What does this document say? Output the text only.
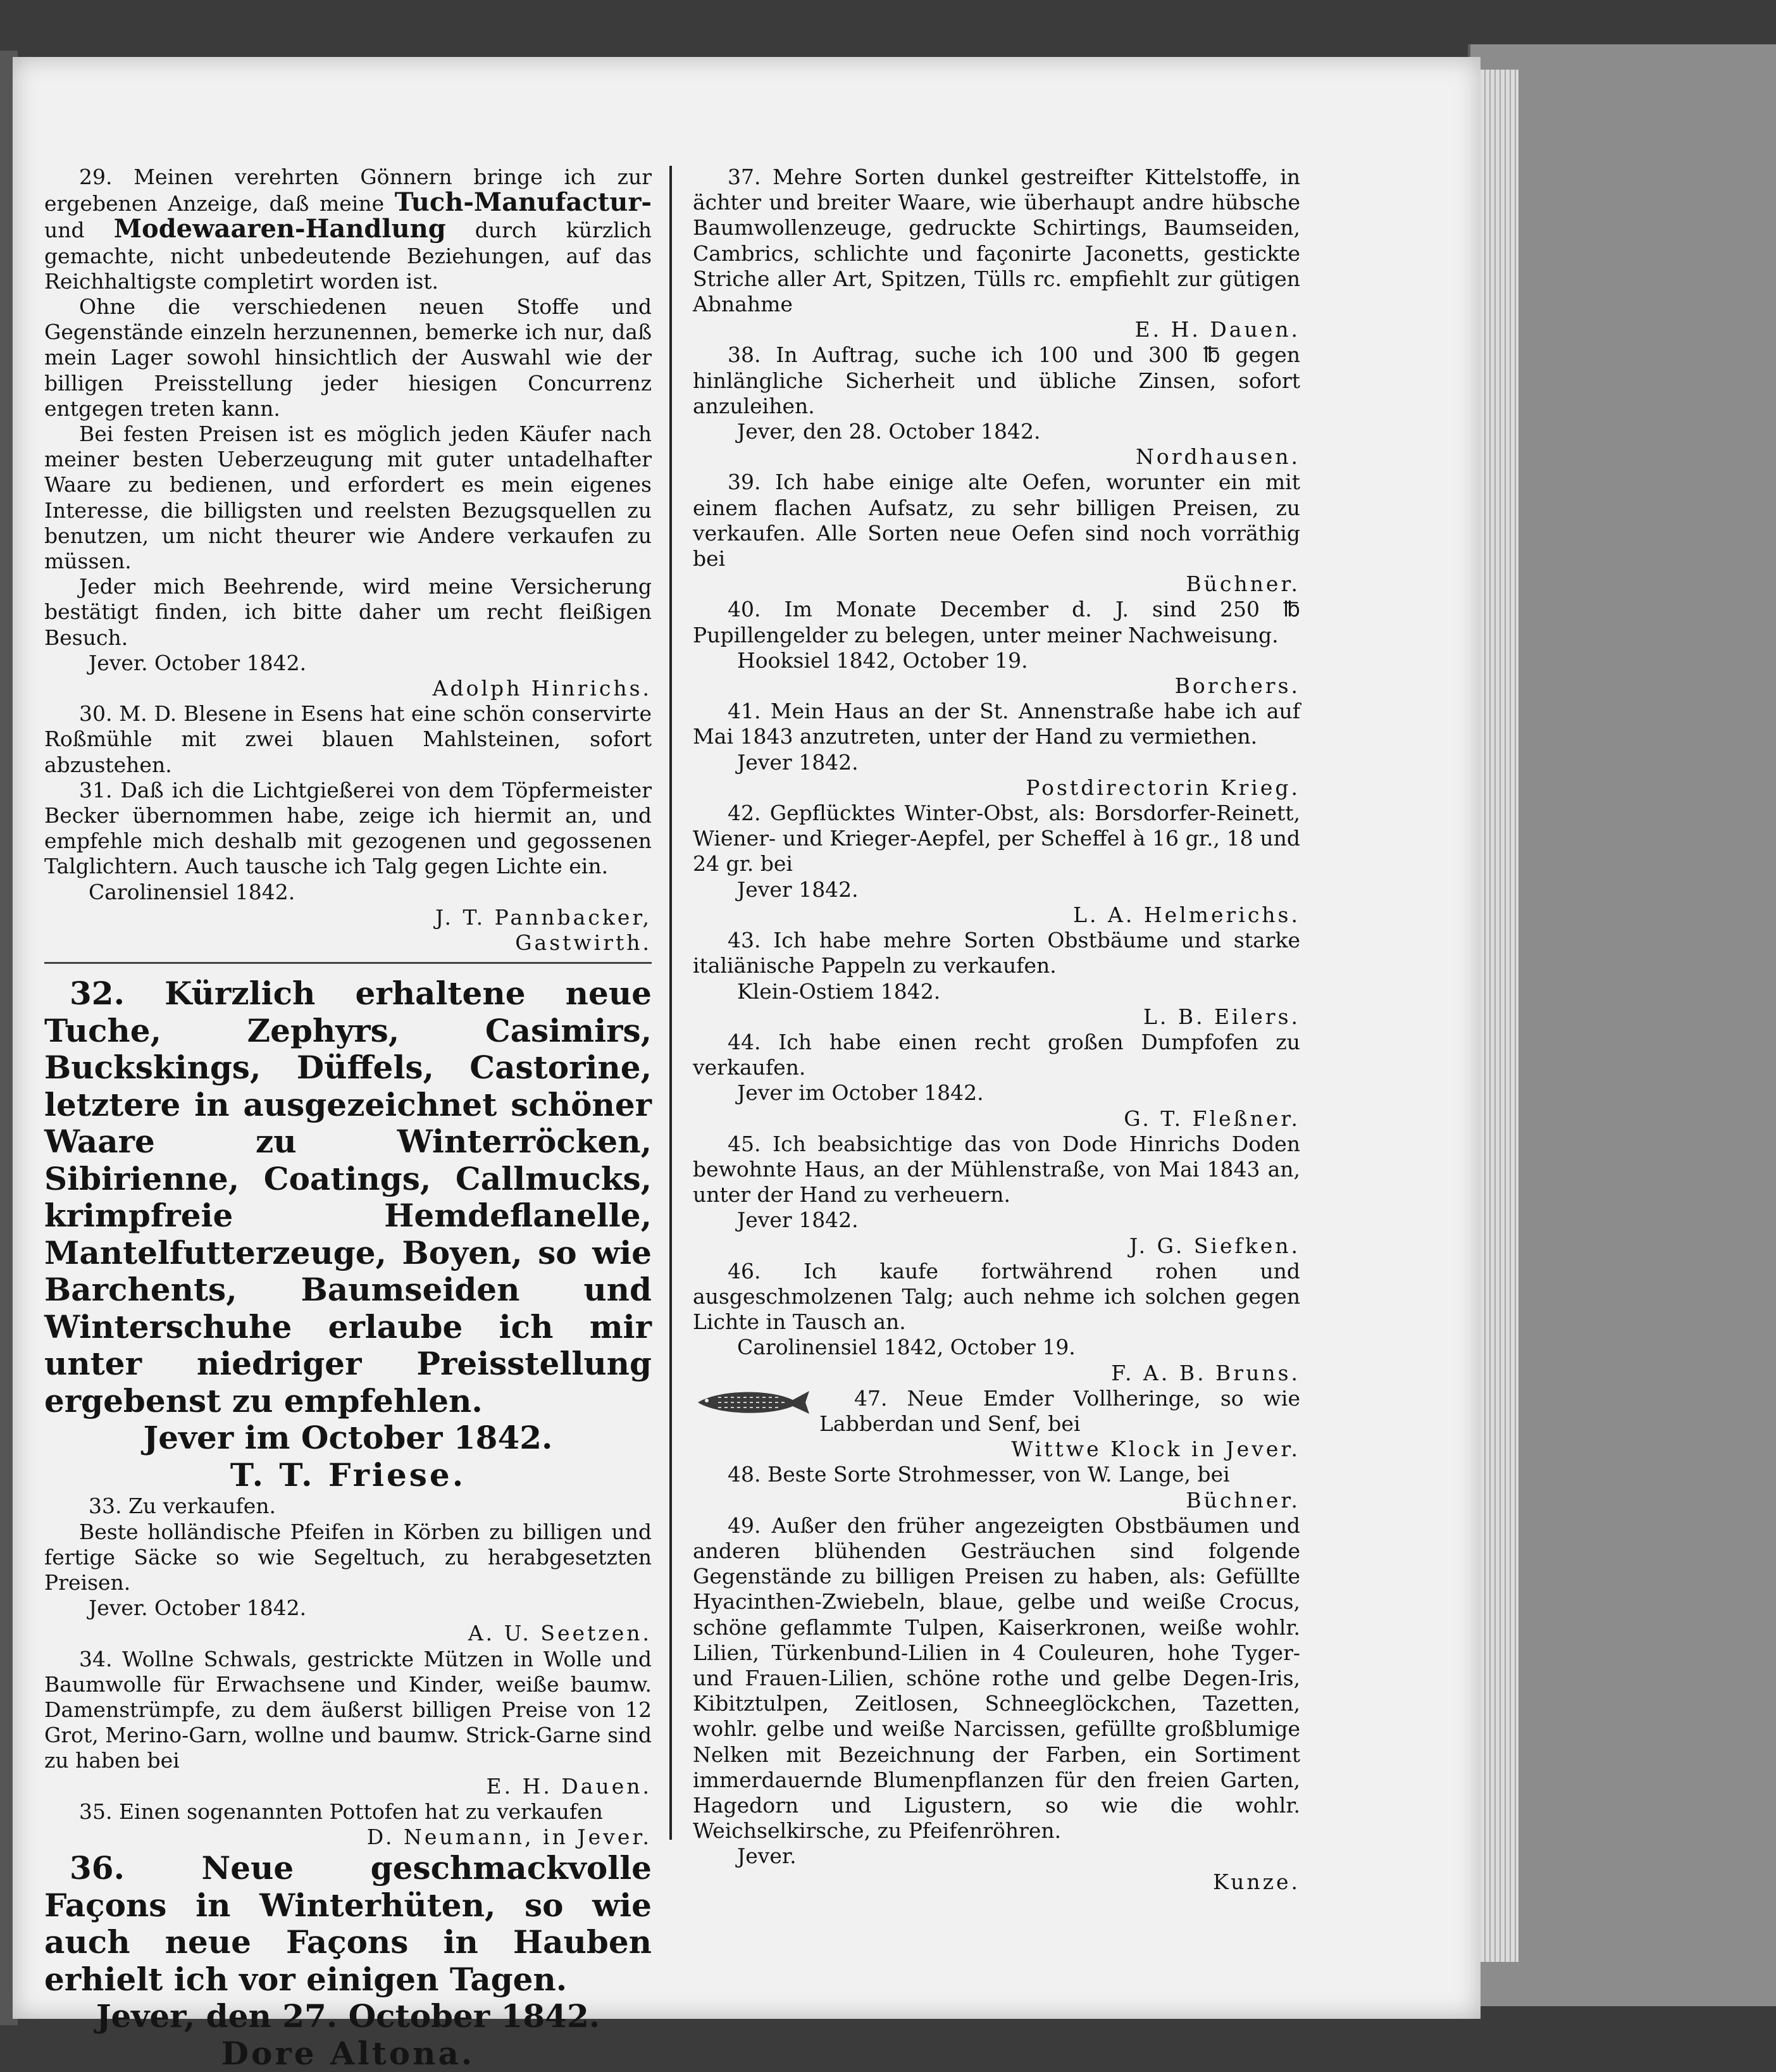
29. Meinen verehrten Gönnern bringe ich zur ergebenen Anzeige, daß meine Tuch-Manufactur- und Modewaaren-Handlung durch kürzlich gemachte, nicht unbedeutende Beziehungen, auf das Reichhaltigste completirt worden ist.

Ohne die verschiedenen neuen Stoffe und Gegenstände einzeln herzunennen, bemerke ich nur, daß mein Lager sowohl hinsichtlich der Auswahl wie der billigen Preisstellung jeder hiesigen Concurrenz entgegen treten kann.

Bei festen Preisen ist es möglich jeden Käufer nach meiner besten Ueberzeugung mit guter untadelhafter Waare zu bedienen, und erfordert es mein eigenes Interesse, die billigsten und reelsten Bezugsquellen zu benutzen, um nicht theurer wie Andere verkaufen zu müssen.

Jeder mich Beehrende, wird meine Versicherung bestätigt finden, ich bitte daher um recht fleißigen Besuch.

Jever. October 1842.

Adolph Hinrichs.

30. M. D. Blesene in Esens hat eine schön conservirte Roßmühle mit zwei blauen Mahlsteinen, sofort abzustehen.

31. Daß ich die Lichtgießerei von dem Töpfermeister Becker übernommen habe, zeige ich hiermit an, und empfehle mich deshalb mit gezogenen und gegossenen Talglichtern. Auch tausche ich Talg gegen Lichte ein.

Carolinensiel 1842.

J. T. Pannbacker,

Gastwirth.

32. Kürzlich erhaltene neue Tuche, Zephyrs, Casimirs, Buckskings, Düffels, Castorine, letztere in ausgezeichnet schöner Waare zu Winterröcken, Sibirienne, Coatings, Callmucks, krimpfreie Hemdeflanelle, Mantelfutterzeuge, Boyen, so wie Barchents, Baumseiden und Winterschuhe erlaube ich mir unter niedriger Preisstellung ergebenst zu empfehlen.

Jever im October 1842.

T. T. Friese.

33. Zu verkaufen.

Beste holländische Pfeifen in Körben zu billigen und fertige Säcke so wie Segeltuch, zu herabgesetzten Preisen.

Jever. October 1842.

A. U. Seetzen.

34. Wollne Schwals, gestrickte Mützen in Wolle und Baumwolle für Erwachsene und Kinder, weiße baumw. Damenstrümpfe, zu dem äußerst billigen Preise von 12 Grot, Merino-Garn, wollne und baumw. Strick-Garne sind zu haben bei

E. H. Dauen.

35. Einen sogenannten Pottofen hat zu verkaufen

D. Neumann, in Jever.

36. Neue geschmackvolle Façons in Winterhüten, so wie auch neue Façons in Hauben erhielt ich vor einigen Tagen.

Jever, den 27. October 1842.

Dore Altona.

37. Mehre Sorten dunkel gestreifter Kittelstoffe, in ächter und breiter Waare, wie überhaupt andre hübsche Baumwollenzeuge, gedruckte Schirtings, Baumseiden, Cambrics, schlichte und façonirte Jaconetts, gestickte Striche aller Art, Spitzen, Tülls rc. empfiehlt zur gütigen Abnahme

E. H. Dauen.

38. In Auftrag, suche ich 100 und 300 ℔ gegen hinlängliche Sicherheit und übliche Zinsen, sofort anzuleihen.

Jever, den 28. October 1842.

Nordhausen.

39. Ich habe einige alte Oefen, worunter ein mit einem flachen Aufsatz, zu sehr billigen Preisen, zu verkaufen. Alle Sorten neue Oefen sind noch vorräthig bei

Büchner.

40. Im Monate December d. J. sind 250 ℔ Pupillengelder zu belegen, unter meiner Nachweisung.

Hooksiel 1842, October 19.

Borchers.

41. Mein Haus an der St. Annenstraße habe ich auf Mai 1843 anzutreten, unter der Hand zu vermiethen.

Jever 1842.

Postdirectorin Krieg.

42. Gepflücktes Winter-Obst, als: Borsdorfer-Reinett, Wiener- und Krieger-Aepfel, per Scheffel à 16 gr., 18 und 24 gr. bei

Jever 1842.

L. A. Helmerichs.

43. Ich habe mehre Sorten Obstbäume und starke italiänische Pappeln zu verkaufen.

Klein-Ostiem 1842.

L. B. Eilers.

44. Ich habe einen recht großen Dumpfofen zu verkaufen.

Jever im October 1842.

G. T. Fleßner.

45. Ich beabsichtige das von Dode Hinrichs Doden bewohnte Haus, an der Mühlenstraße, von Mai 1843 an, unter der Hand zu verheuern.

Jever 1842.

J. G. Siefken.

46. Ich kaufe fortwährend rohen und ausgeschmolzenen Talg; auch nehme ich solchen gegen Lichte in Tausch an.

Carolinensiel 1842, October 19.

F. A. B. Bruns.

47. Neue Emder Vollheringe, so wie Labberdan und Senf, bei

Wittwe Klock in Jever.

48. Beste Sorte Strohmesser, von W. Lange, bei

Büchner.

49. Außer den früher angezeigten Obstbäumen und anderen blühenden Gesträuchen sind folgende Gegenstände zu billigen Preisen zu haben, als: Gefüllte Hyacinthen-Zwiebeln, blaue, gelbe und weiße Crocus, schöne geflammte Tulpen, Kaiserkronen, weiße wohlr. Lilien, Türkenbund-Lilien in 4 Couleuren, hohe Tyger- und Frauen-Lilien, schöne rothe und gelbe Degen-Iris, Kibitztulpen, Zeitlosen, Schneeglöckchen, Tazetten, wohlr. gelbe und weiße Narcissen, gefüllte großblumige Nelken mit Bezeichnung der Farben, ein Sortiment immerdauernde Blumenpflanzen für den freien Garten, Hagedorn und Ligustern, so wie die wohlr. Weichselkirsche, zu Pfeifenröhren.

Jever.

Kunze.
